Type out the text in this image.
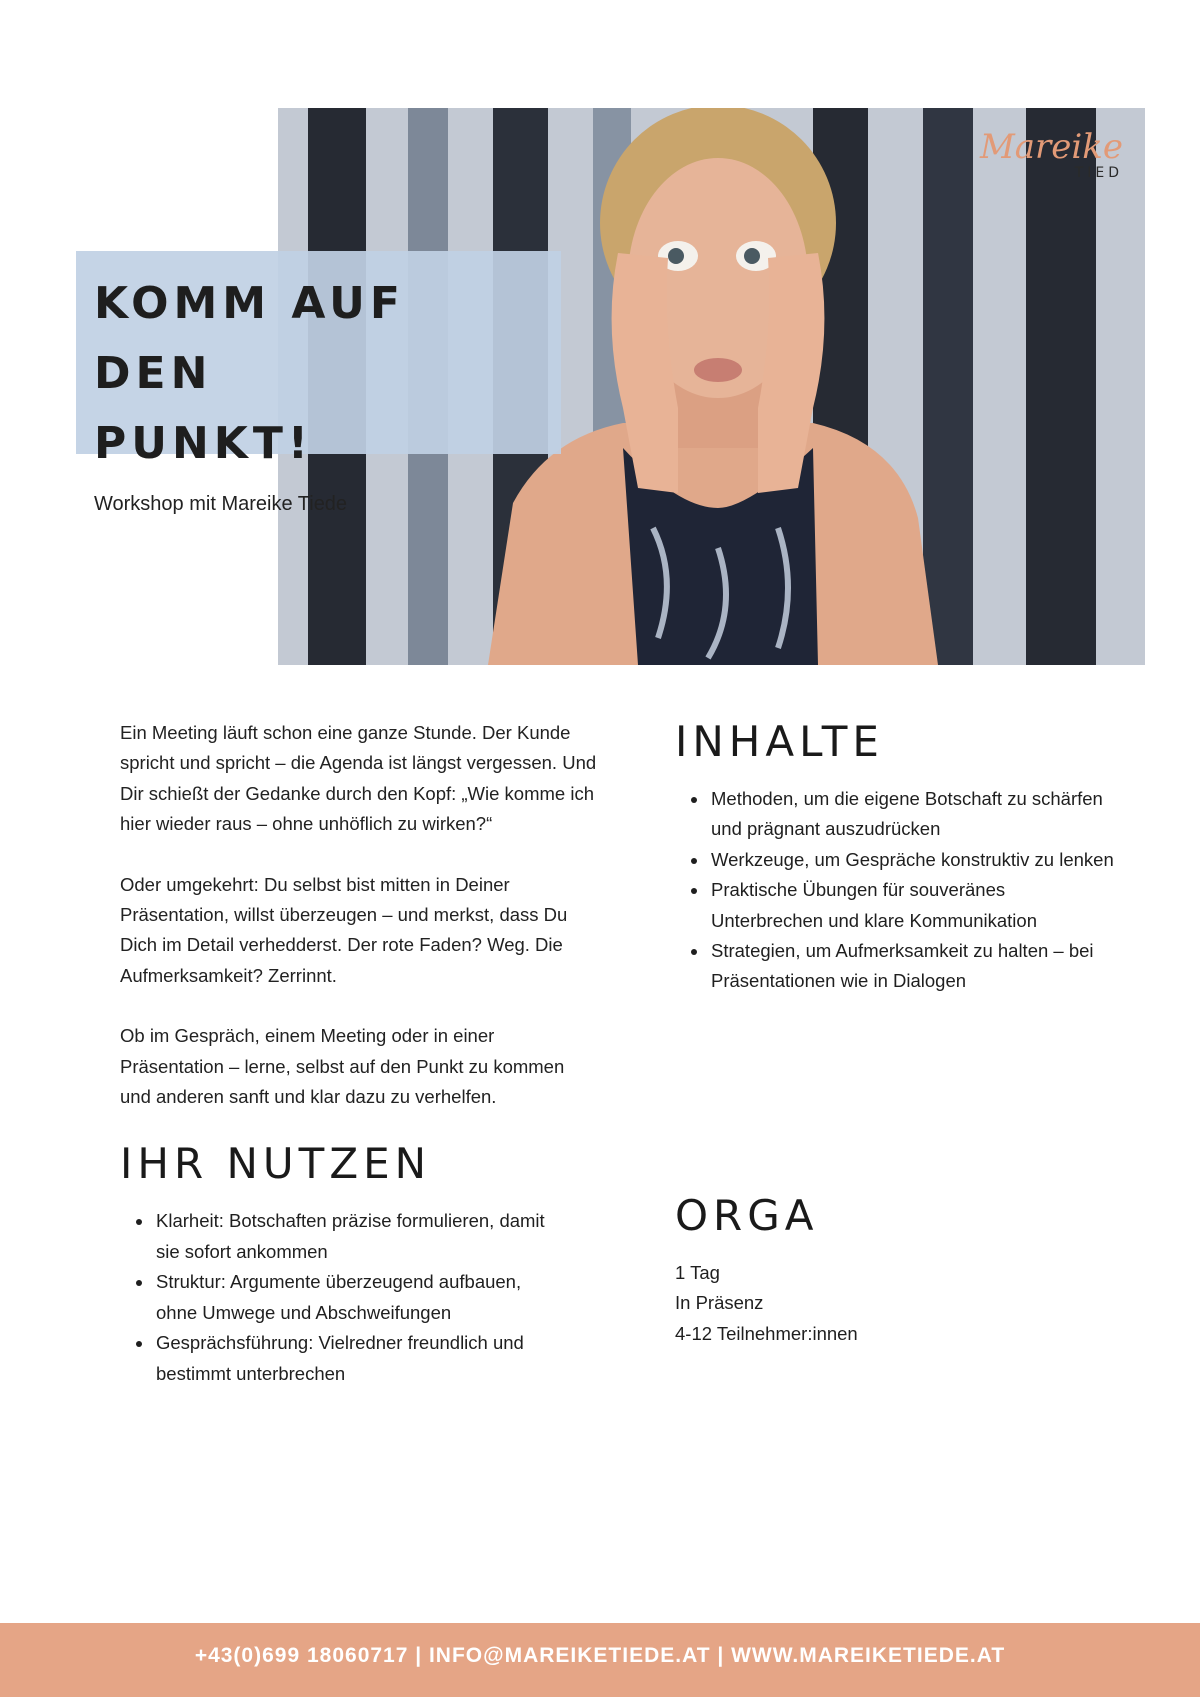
Mareike
TIED
KOMM AUF DEN
PUNKT!
Workshop mit Mareike Tiede

Ein Meeting läuft schon eine ganze Stunde. Der Kunde spricht und spricht – die Agenda ist längst vergessen. Und Dir schießt der Gedanke durch den Kopf: „Wie komme ich hier wieder raus – ohne unhöflich zu wirken?“

Oder umgekehrt: Du selbst bist mitten in Deiner Präsentation, willst überzeugen – und merkst, dass Du Dich im Detail verhedderst. Der rote Faden? Weg. Die Aufmerksamkeit? Zerrinnt.

Ob im Gespräch, einem Meeting oder in einer Präsentation – lerne, selbst auf den Punkt zu kommen und anderen sanft und klar dazu zu verhelfen.

IHR NUTZEN
• Klarheit: Botschaften präzise formulieren, damit sie sofort ankommen
• Struktur: Argumente überzeugend aufbauen, ohne Umwege und Abschweifungen
• Gesprächsführung: Vielredner freundlich und bestimmt unterbrechen
INHALTE
• Methoden, um die eigene Botschaft zu schärfen und prägnant auszudrücken
• Werkzeuge, um Gespräche konstruktiv zu lenken
• Praktische Übungen für souveränes Unterbrechen und klare Kommunikation
• Strategien, um Aufmerksamkeit zu halten – bei Präsentationen wie in Dialogen
ORGA
1 Tag
In Präsenz
4-12 Teilnehmer:innen
+43(0)699 18060717 | INFO@MAREIKETIEDE.AT | WWW.MAREIKETIEDE.AT
